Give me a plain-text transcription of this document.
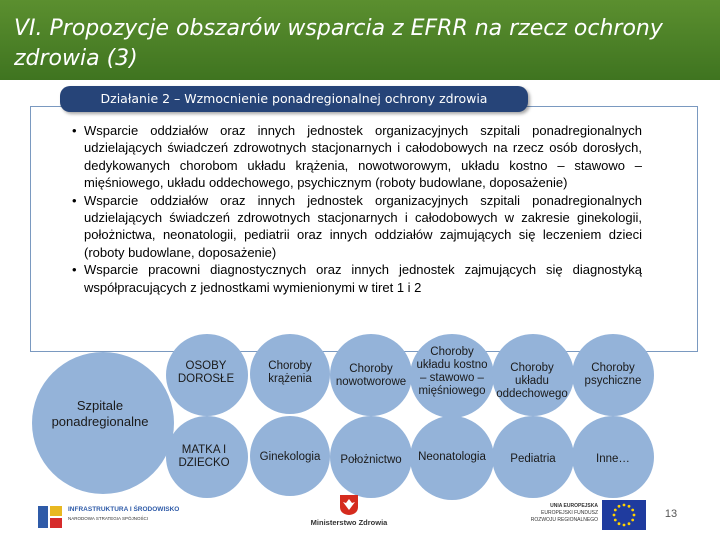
VI. Propozycje obszarów wsparcia z EFRR na rzecz ochrony zdrowia (3)
Działanie 2 – Wzmocnienie ponadregionalnej ochrony zdrowia
• Wsparcie oddziałów oraz innych jednostek organizacyjnych szpitali ponadregionalnych udzielających świadczeń zdrowotnych stacjonarnych i całodobowych na rzecz osób dorosłych, dedykowanych chorobom układu krążenia, nowotworowym, układu kostno – stawowo – mięśniowego, układu oddechowego, psychicznym (roboty budowlane, doposażenie)
• Wsparcie oddziałów oraz innych jednostek organizacyjnych szpitali ponadregionalnych udzielających świadczeń zdrowotnych stacjonarnych i całodobowych w zakresie ginekologii, położnictwa, neonatologii, pediatrii oraz innych oddziałów zajmujących się leczeniem dzieci (roboty budowlane, doposażenie)
• Wsparcie pracowni diagnostycznych oraz innych jednostek zajmujących się diagnostyką współpracujących z jednostkami wymienionymi w tiret 1 i 2
Szpitale ponadregionalne
OSOBY DOROSŁE
Choroby krążenia
Choroby nowotworowe
Choroby układu kostno – stawowo – mięśniowego
Choroby układu oddechowego
Choroby psychiczne
MATKA I DZIECKO	Ginekologia	Położnictwo	Neonatologia	Pediatria	Inne…
INFRASTRUKTURA I ŚRODOWISKO
NARODOWA STRATEGIA SPÓJNOŚCI	Ministerstwo Zdrowia
UNIA EUROPEJSKA
EUROPEJSKI FUNDUSZ
ROZWOJU REGIONALNEGO	13
